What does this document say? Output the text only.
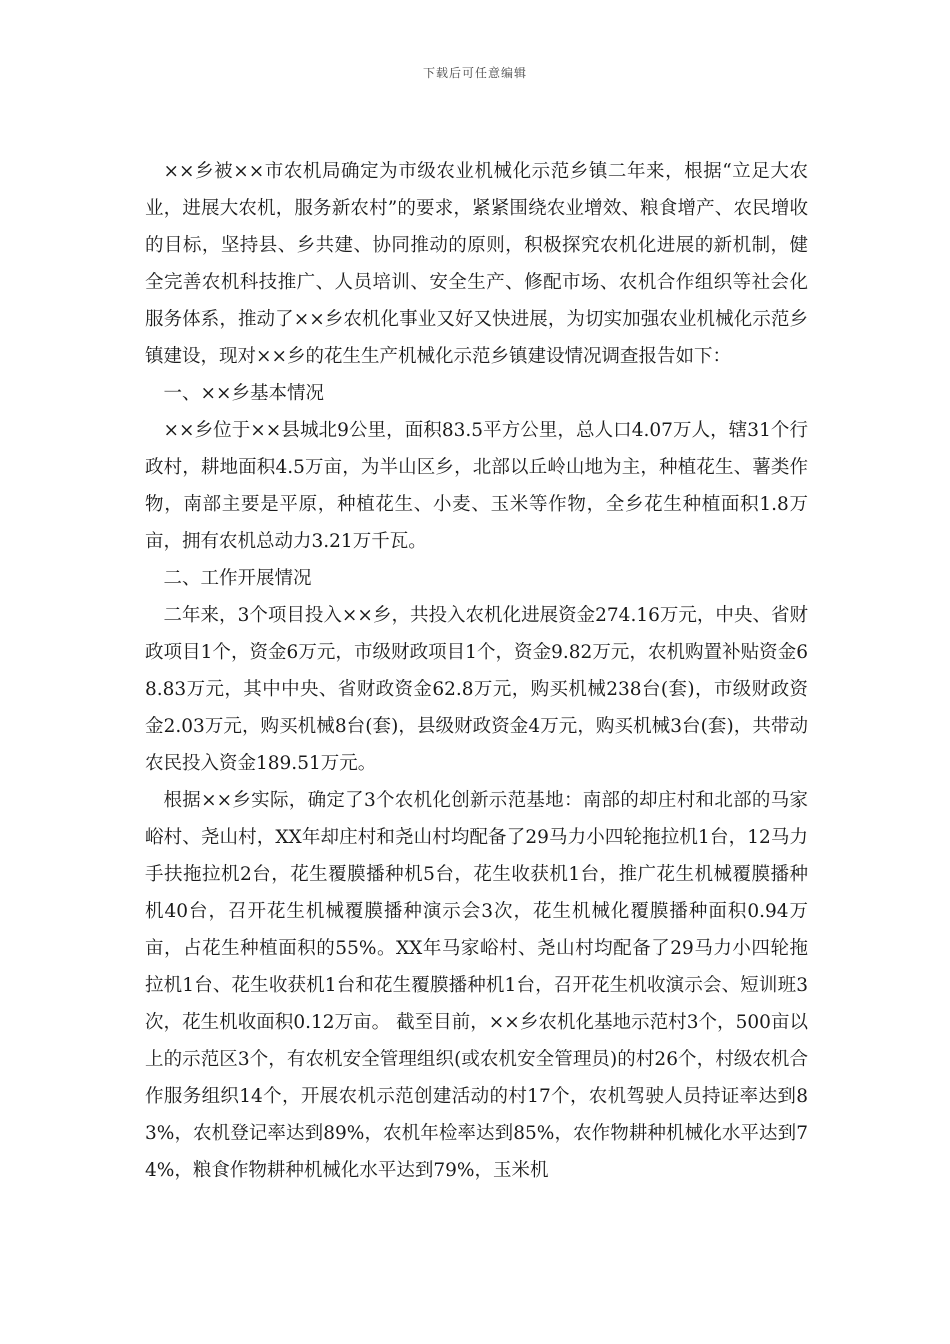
下载后可任意编辑

××乡被××市农机局确定为市级农业机械化示范乡镇二年来，根据“立足大农业，进展大农机，服务新农村”的要求，紧紧围绕农业增效、粮食增产、农民增收的目标，坚持县、乡共建、协同推动的原则，积极探究农机化进展的新机制，健全完善农机科技推广、人员培训、安全生产、修配市场、农机合作组织等社会化服务体系，推动了××乡农机化事业又好又快进展，为切实加强农业机械化示范乡镇建设，现对××乡的花生生产机械化示范乡镇建设情况调查报告如下：

一、××乡基本情况

××乡位于××县城北9公里，面积83.5平方公里，总人口4.07万人，辖31个行政村，耕地面积4.5万亩，为半山区乡，北部以丘岭山地为主，种植花生、薯类作物，南部主要是平原，种植花生、小麦、玉米等作物，全乡花生种植面积1.8万亩，拥有农机总动力3.21万千瓦。

二、工作开展情况

二年来，3个项目投入××乡，共投入农机化进展资金274.16万元，中央、省财政项目1个，资金6万元，市级财政项目1个，资金9.82万元，农机购置补贴资金68.83万元，其中中央、省财政资金62.8万元，购买机械238台(套)，市级财政资金2.03万元，购买机械8台(套)，县级财政资金4万元，购买机械3台(套)，共带动农民投入资金189.51万元。

根据××乡实际，确定了3个农机化创新示范基地：南部的却庄村和北部的马家峪村、尧山村，XX年却庄村和尧山村均配备了29马力小四轮拖拉机1台，12马力手扶拖拉机2台，花生覆膜播种机5台，花生收获机1台，推广花生机械覆膜播种机40台，召开花生机械覆膜播种演示会3次，花生机械化覆膜播种面积0.94万亩，占花生种植面积的55%。XX年马家峪村、尧山村均配备了29马力小四轮拖拉机1台、花生收获机1台和花生覆膜播种机1台，召开花生机收演示会、短训班3次，花生机收面积0.12万亩。 截至目前，××乡农机化基地示范村3个，500亩以上的示范区3个，有农机安全管理组织(或农机安全管理员)的村26个，村级农机合作服务组织14个，开展农机示范创建活动的村17个，农机驾驶人员持证率达到83%，农机登记率达到89%，农机年检率达到85%，农作物耕种机械化水平达到74%，粮食作物耕种机械化水平达到79%，玉米机
